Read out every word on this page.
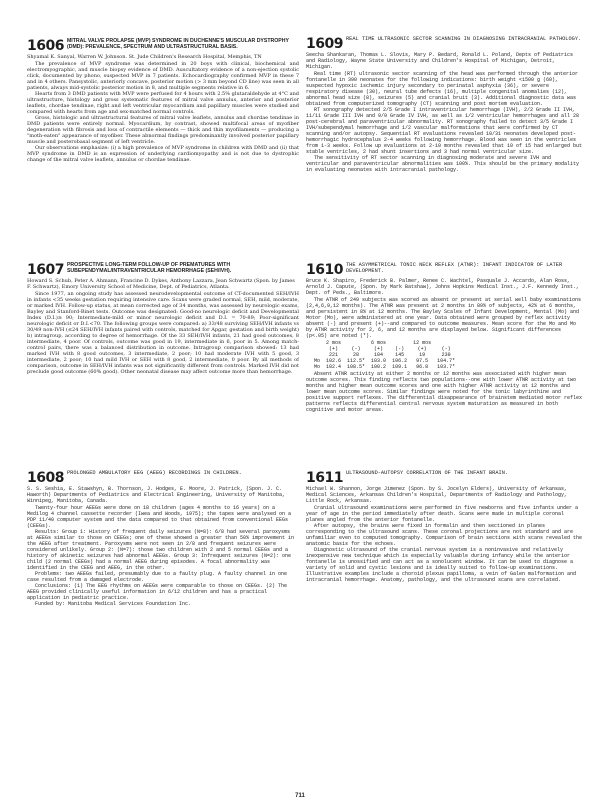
1606 MITRAL VALVE PROLAPSE (MVP) SYNDROME IN DUCHENNE'S MUSCULAR DYSTROPHY (DMD): PREVALENCE, SPECTRUM AND ULTRASTRUCTURAL BASIS.
Shyamal K. Sanyal, Warren W. Johnson. St. Jude Children's Research Hospital, Memphis, TN

The prevalence of MVP syndrome was determined in 20 boys with clinical, biochemical and electromyographic, and muscle biopsy evidence of DMD. Auscultatory evidence of a non-ejection systolic click, documented by phono, suspected MVP in 7 patients. Echocardiography confirmed MVP in these 7 and in 4 others. Pansystolic, anteriorly concave, posterior motion (> 3 mm beyond CD line) was seen in all patients, always mid-systolic posterior motion in 8, and multiple segments relative in 6.

Hearts from 3 DMD patients with MVP were perfused for 4 hours with 2.5% glutaraldehyde at 4°C and ultrastructure, histology and gross systematic features of mitral valve annulus, anterior and posterior leaflets, chordae tendinae, right and left ventricular myocardium and papillary muscles were studied and compared with hearts from age and sex-matched normal controls.

Gross, histologic and ultrastructural features of mitral valve leaflets, annulus and chordae tendinae in DMD patients were entirely normal. Myocardium, by contrast, showed multifocal areas of myofiber degeneration with fibrosis and loss of contractile elements — thick and thin myofilaments — producing a "moth-eaten" appearance of myofiber. These abnormal findings predominantly involved posterior papillary muscle and posterobasal segment of left ventricle.

Our observations emphasize: (i) a high prevalence of MVP syndrome in children with DMD and (ii) that MVP syndrome in DMD is an expression of underlying cardiomyopathy and is not due to dystrophic change of the mitral valve leaflets, annulus or chordae tendinae.

1609 REAL TIME ULTRASONIC SECTOR SCANNING IN DIAGNOSING INTRACRANIAL PATHOLOGY.
Seecha Shankaran, Thomas L. Slovis, Mary P. Bedard, Ronald L. Poland, Depts of Pediatrics and Radiology, Wayne State University and Children's Hospital of Michigan, Detroit, Michigan.

Real time (RT) ultrasonic sector scanning of the head was performed through the anterior fontanelle in 390 neonates for the following indications: birth weight <1500 g (60), suspected hypoxic ischemic injury secondary to perinatal asphyxia (36), or severe respiratory disease (30), neural tube defects (16), multiple congenital anomalies (12), abnormal head size (8), seizures (5) and cranial bruit (3). Additional diagnostic data was obtained from computerized tomography (CT) scanning and post mortem evaluation.

RT sonography detected 2/5 Grade I intraventricular hemorrhage (IVH), 2/2 Grade II IVH, 11/11 Grade III IVH and 9/9 Grade IV IVH, as well as 1/2 ventricular hemorrhages and all 28 post-cerebral and paraventricular abnormality. RT sonography failed to detect 3/5 Grade I IVH/subependymal hemorrhage and 1/2 vascular malformations that were confirmed by CT scanning and/or autopsy. Sequential RT evaluations revealed 10/31 neonates developed post-hemorrhagic hydrocephalus 2-4 weeks following hemorrhage. Blood was seen in the ventricles from 1-3 weeks. Follow up evaluations at 2-10 months revealed that 10 of 15 had enlarged but stable ventricles, 2 had shunt insertions and 3 had normal ventricular size.

The sensitivity of RT sector scanning in diagnosing moderate and severe IVH and ventricular and paraventricular abnormalities was 100%. This should be the primary modality in evaluating neonates with intracranial pathology.

1607 PROSPECTIVE LONG-TERM FOLLOW-UP OF PREMATURES WITH SUBEPENDYMAL/INTRAVENTRICULAR HEMORRHAGE (SEH/IVH).
Howard S. Schub, Peter A. Ahmann, Francine D. Dykes, Anthony Lazzara, Jean Schwartz (Spon. by James F. Schwartz), Emory University School of Medicine, Dept. of Pediatrics, Atlanta.

Since 1977, an ongoing study has assessed neurodevelopmental outcome of CT-documented SEH/IVH in infants <35 weeks gestation requiring intensive care. Scans were graded normal, SEH, mild, moderate, or marked IVH. Follow-up status, at mean corrected age of 34 months, was assessed by neurologic exams, Bayley and Stanford-Binet tests. Outcome was designated: Good-no neurologic deficit and Developmental Index (D.I.)≥ 90; Intermediate-mild or minor neurologic deficit and D.I. = 70-89; Poor-significant neurologic deficit or D.I.<70. The following groups were compared: a) 33/48 surviving SEH/IVH infants vs 30/49 non-IVH (≤24 SEH/IVH infants paired with controls, matched for Apgar, gestation and birth weight) b) intragroup, according to degree of hemorrhage. Of the 33 SEH/IVH infants, 21 had good outcomes, 8 intermediate, 4 poor. Of controls, outcome was good in 19, intermediate in 6, poor in 5. Among match-control pairs, there was a balanced distribution in outcome. Intragroup comparison showed: 13 had marked IVH with 8 good outcomes, 3 intermediate, 2 poor; 10 had moderate IVH with 5 good, 3 intermediate, 2 poor; 10 had mild IVH or SEH with 8 good, 2 intermediate, 0 poor. By all methods of comparison, outcome in SEH/IVH infants was not significantly different from controls. Marked IVH did not preclude good outcome (60% good). Other neonatal disease may affect outcome more than hemorrhage.

1610 THE ASYMMETRICAL TONIC NECK REFLEX (ATNR): INFANT INDICATOR OF LATER DEVELOPMENT.
Bruce K. Shapiro, Frederick B. Palmer, Renee C. Wachtel, Pasquale J. Accardo, Alan Ross, Arnold J. Capute, (Spon. by Mark Batshaw), Johns Hopkins Medical Inst., J.F. Kennedy Inst., Dept. of Peds., Baltimore.

The ATNR of 249 subjects was scored as absent or present at serial well baby examinations (2,4,6,9,12 months). The ATNR was present at 2 months in 89% of subjects, 42% at 6 months, and persistent in 8% at 12 months. The Bayley Scales of Infant Development, Mental (Mo) and Motor (Mo), were administered at one year. Data obtained were grouped by reflex activity absent (-) and present (+)--and compared to outcome measures. Mean score for the Mo and Mo by ATNR activity for 2, 6, and 12 months are displayed below. Significant differences (p<.05) are noted (*).

	2 mos		6 mos		12 mos	
	(+)	(-)	(+)	(-)	(+)	(-)
	221	28	104	145	19	230
Mo	102.6	112.5*	103.0	106.2	97.5	104.7*
Mo	102.4	108.5*	100.2	109.1	96.8	103.7*

Absent ATNR activity at either 2 months or 12 months was associated with higher mean outcome scores. This finding reflects two populations--one with lower ATNR activity at two months and higher mean outcome scores and one with higher ATNR activity at 12 months and lower mean outcome scores. Similar findings were noted for the tonic labyrinthine and positive support reflexes. The differential disappearance of brainstem mediated motor reflex patterns reflects differential central nervous system maturation as measured in both cognitive and motor areas.

1608 PROLONGED AMBULATORY EEG (AEEG) RECORDINGS IN CHILDREN.
S. S. Seshia, E. Stawshyn, B. Thornson, J. Hodges, E. Moore, J. Patrick, (Spon. J. C. Haworth) Departments of Pediatrics and Electrical Engineering, University of Manitoba, Winnipeg, Manitoba, Canada.

Twenty-four hour AEEGs were done on 18 children (ages 4 months to 16 years) on a Medilog 4 channel cassette recorder (Iwea and Woods, 1975); the tapes were analysed on a PDP 11/40 computer system and the data compared to that obtained from conventional EEGs (CEEGs).

Results: Group 1: History of frequent daily seizures (N=8): 6/8 had several paroxysms at AEEGs similar to those on CEEGs; one of these showed a greater than 50% improvement in the AEEG after treatment. Paroxysms were not seen in 2/8 and frequent seizures were considered unlikely. Group 2: (N=7): those two children with 2 and 5 normal CEEGs and a history of akinetic seizures had abnormal AEEGs. Group 3: Infrequent seizures (N=2): one child (2 normal CEEGs) had a normal AEEG during episodes. A focal abnormality was identified in the CEEG and AEEG, in the other.

Problems: two AEEGs failed, presumably due to a faulty plug. A faulty channel in one case resulted from a damaged electrode.

Conclusions: (1) The EEG rhythms on AEEGs were comparable to those on CEEGs. (2) The AEEG provided clinically useful information in 6/12 children and has a practical application in pediatric practice.

Funded by: Manitoba Medical Services Foundation Inc.

1611 ULTRASOUND-AUTOPSY CORRELATION OF THE INFANT BRAIN.
Michael W. Shannon, Jorge Jimenez (Spon. by S. Jocelyn Elders), University of Arkansas, Medical Sciences, Arkansas Children's Hospital, Departments of Radiology and Pathology, Little Rock, Arkansas.

Cranial ultrasound examinations were performed in five newborns and five infants under a year of age in the period immediately after death. Scans were made in multiple coronal planes angled from the anterior fontanelle.

After autopsy, the brains were fixed in formalin and then sectioned in planes corresponding to the ultrasound scans. These coronal projections are not standard and are unfamiliar even to computed tomography. Comparison of brain sections with scans revealed the anatomic basis for the echoes.

Diagnostic ultrasound of the cranial nervous system is a noninvasive and relatively inexpensive new technique which is especially valuable during infancy while the anterior fontanelle is unossified and can act as a sonolucent window. It can be used to diagnose a variety of solid and cystic lesions and is ideally suited to follow-up examinations. Illustrative examples include a choroid plexus papilloma, a vein of Galen malformation and intracranial hemorrhage. Anatomy, pathology, and the ultrasound scans are correlated.

711
